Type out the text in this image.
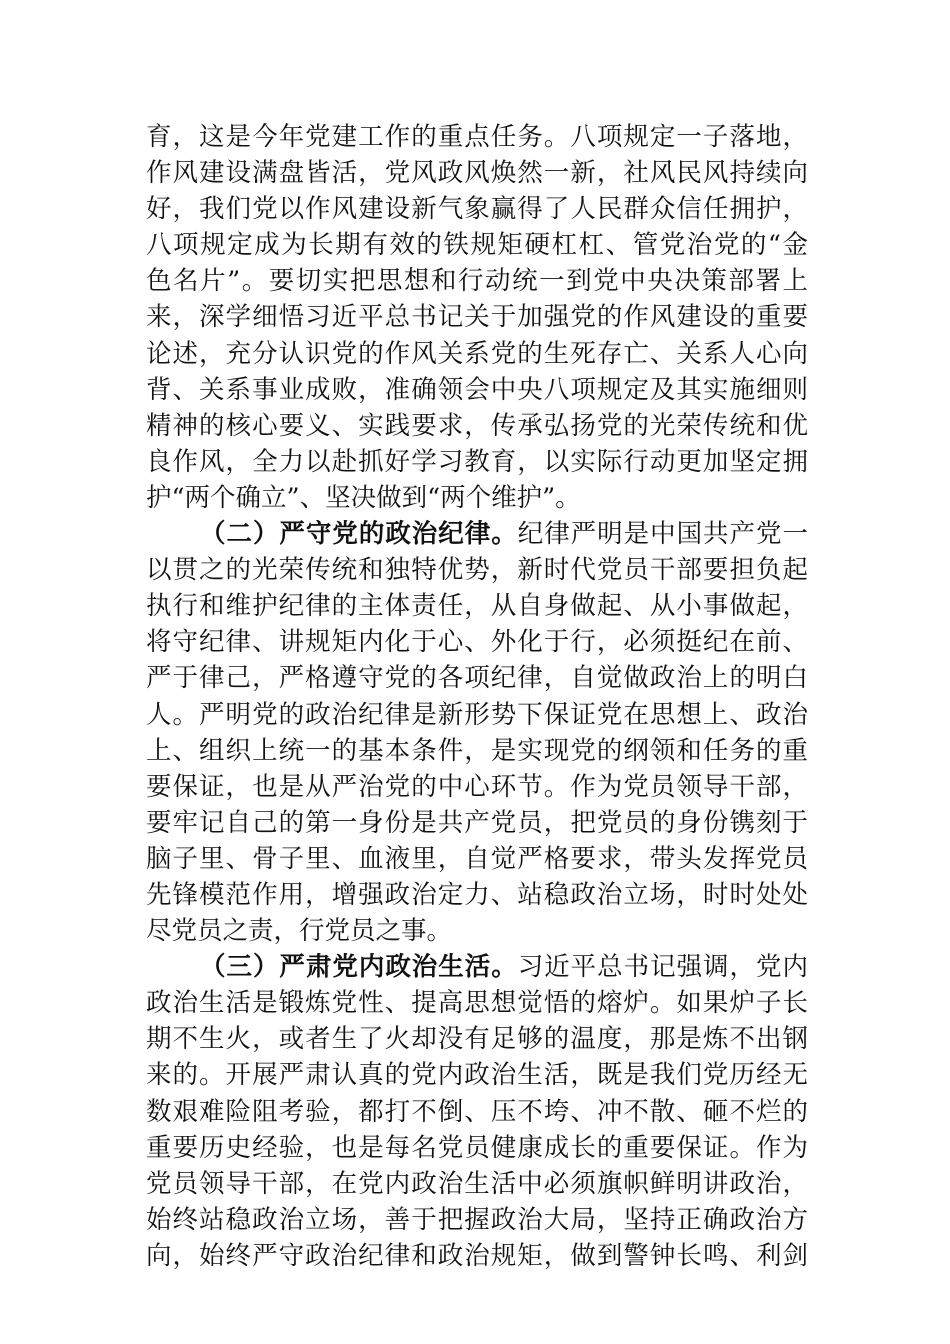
育，这是今年党建工作的重点任务。八项规定一子落地，
作风建设满盘皆活，党风政风焕然一新，社风民风持续向
好，我们党以作风建设新气象赢得了人民群众信任拥护，
八项规定成为长期有效的铁规矩硬杠杠、管党治党的“金
色名片”。要切实把思想和行动统一到党中央决策部署上
来，深学细悟习近平总书记关于加强党的作风建设的重要
论述，充分认识党的作风关系党的生死存亡、关系人心向
背、关系事业成败，准确领会中央八项规定及其实施细则
精神的核心要义、实践要求，传承弘扬党的光荣传统和优
良作风，全力以赴抓好学习教育，以实际行动更加坚定拥
护“两个确立”、坚决做到“两个维护”。
（二）严守党的政治纪律。纪律严明是中国共产党一
以贯之的光荣传统和独特优势，新时代党员干部要担负起
执行和维护纪律的主体责任，从自身做起、从小事做起，
将守纪律、讲规矩内化于心、外化于行，必须挺纪在前、
严于律己，严格遵守党的各项纪律，自觉做政治上的明白
人。严明党的政治纪律是新形势下保证党在思想上、政治
上、组织上统一的基本条件，是实现党的纲领和任务的重
要保证，也是从严治党的中心环节。作为党员领导干部，
要牢记自己的第一身份是共产党员，把党员的身份镌刻于
脑子里、骨子里、血液里，自觉严格要求，带头发挥党员
先锋模范作用，增强政治定力、站稳政治立场，时时处处
尽党员之责，行党员之事。
（三）严肃党内政治生活。习近平总书记强调，党内
政治生活是锻炼党性、提高思想觉悟的熔炉。如果炉子长
期不生火，或者生了火却没有足够的温度，那是炼不出钢
来的。开展严肃认真的党内政治生活，既是我们党历经无
数艰难险阻考验，都打不倒、压不垮、冲不散、砸不烂的
重要历史经验，也是每名党员健康成长的重要保证。作为
党员领导干部，在党内政治生活中必须旗帜鲜明讲政治，
始终站稳政治立场，善于把握政治大局，坚持正确政治方
向，始终严守政治纪律和政治规矩，做到警钟长鸣、利剑
